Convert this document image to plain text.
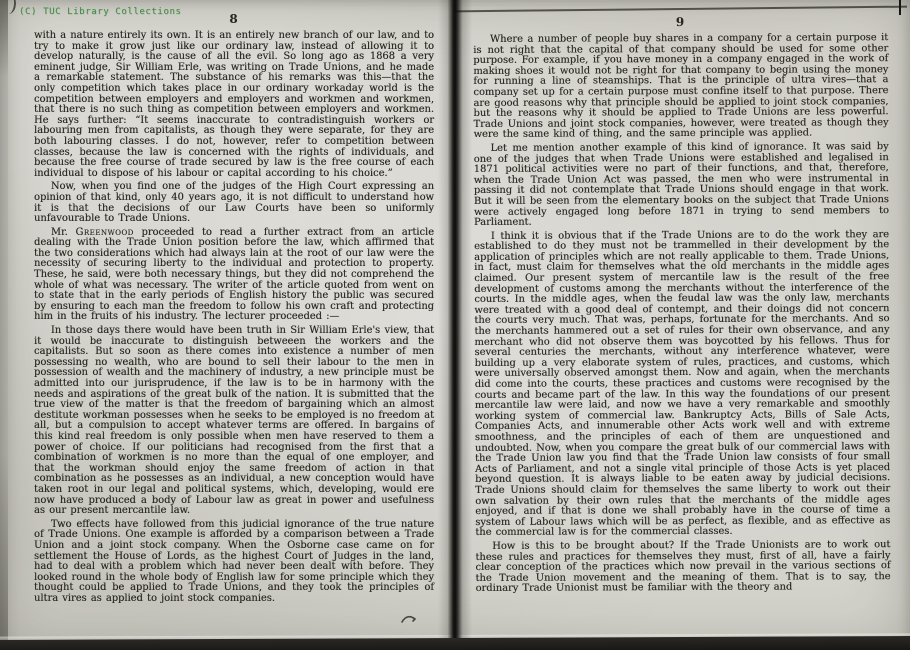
(C) TUC Library Collections	8

with a nature entirely its own. It is an entirely new branch of our law, and to try to make it grow just like our ordinary law, instead of allowing it to develop naturally, is the cause of all the evil. So long ago as 1868 a very eminent judge, Sir William Erle, was writing on Trade Unions, and he made a remarkable statement. The substance of his remarks was this—that the only competition which takes place in our ordinary workaday world is the competition between employers and employers and workmen and workmen, that there is no such thing as competition between employers and workmen. He says further: “It seems inaccurate to contradistinguish workers or labouring men from capitalists, as though they were separate, for they are both labouring classes. I do not, however, refer to competition between classes, because the law is concerned with the rights of individuals, and because the free course of trade secured by law is the free course of each individual to dispose of his labour or capital according to his choice.”

Now, when you find one of the judges of the High Court expressing an opinion of that kind, only 40 years ago, it is not difficult to understand how it is that the decisions of our Law Courts have been so uniformly unfavourable to Trade Unions.

Mr. Greenwood proceeded to read a further extract from an article dealing with the Trade Union position before the law, which affirmed that the two considerations which had always lain at the root of our law were the necessity of securing liberty to the individual and protection to property. These, he said, were both necessary things, but they did not comprehend the whole of what was necessary. The writer of the article quoted from went on to state that in the early periods of English history the public was secured by ensuring to each man the freedom to follow his own craft and protecting him in the fruits of his industry. The lecturer proceeded :—

In those days there would have been truth in Sir William Erle's view, that it would be inaccurate to distinguish betweeen the workers and the capitalists. But so soon as there comes into existence a number of men possessing no wealth, who are bound to sell their labour to the men in possession of wealth and the machinery of industry, a new principle must be admitted into our jurisprudence, if the law is to be in harmony with the needs and aspirations of the great bulk of the nation. It is submitted that the true view of the matter is that the freedom of bargaining which an almost destitute workman possesses when he seeks to be employed is no freedom at all, but a compulsion to accept whatever terms are offered. In bargains of this kind real freedom is only possible when men have reserved to them a power of choice. If our politicians had recognised from the first that a combination of workmen is no more than the equal of one employer, and that the workman should enjoy the same freedom of action in that combination as he possesses as an individual, a new conception would have taken root in our legal and political systems, which, developing, would ere now have produced a body of Labour law as great in power and usefulness as our present mercantile law.

Two effects have followed from this judicial ignorance of the true nature of Trade Unions. One example is afforded by a comparison between a Trade Union and a joint stock company. When the Osborne case came on for settlement the House of Lords, as the highest Court of Judges in the land, had to deal with a problem which had never been dealt with before. They looked round in the whole body of English law for some principle which they thought could be applied to Trade Unions, and they took the principles of ultra vires as applied to joint stock companies.

9

Where a number of people buy shares in a company for a certain purpose it is not right that the capital of that company should be used for some other purpose. For example, if you have money in a company engaged in the work of making shoes it would not be right for that company to begin using the money for running a line of steamships. That is the principle of ultra vires—that a company set up for a certain purpose must confine itself to that purpose. There are good reasons why that principle should be applied to joint stock companies, but the reasons why it should be applied to Trade Unions are less powerful. Trade Unions and joint stock companies, however, were treated as though they were the same kind of thing, and the same principle was applied.

Let me mention another example of this kind of ignorance. It was said by one of the judges that when Trade Unions were established and legalised in 1871 political activities were no part of their functions, and that, therefore, when the Trade Union Act was passed, the men who were instrumental in passing it did not contemplate that Trade Unions should engage in that work. But it will be seen from the elementary books on the subject that Trade Unions were actively engaged long before 1871 in trying to send members to Parliament.

I think it is obvious that if the Trade Unions are to do the work they are established to do they must not be trammelled in their development by the application of principles which are not really applicable to them. Trade Unions, in fact, must claim for themselves what the old merchants in the middle ages claimed. Our present system of mercantile law is the result of the free development of customs among the merchants without the interference of the courts. In the middle ages, when the feudal law was the only law, merchants were treated with a good deal of contempt, and their doings did not concern the courts very much. That was, perhaps, fortunate for the merchants. And so the merchants hammered out a set of rules for their own observance, and any merchant who did not observe them was boycotted by his fellows. Thus for several centuries the merchants, without any interference whatever, were building up a very elaborate system of rules, practices, and customs, which were universally observed amongst them. Now and again, when the merchants did come into the courts, these practices and customs were recognised by the courts and became part of the law. In this way the foundations of our present mercantile law were laid, and now we have a very remarkable and smoothly working system of commercial law. Bankruptcy Acts, Bills of Sale Acts, Companies Acts, and innumerable other Acts work well and with extreme smoothness, and the principles of each of them are unquestioned and undoubted. Now, when you compare the great bulk of our commercial laws with the Trade Union law you find that the Trade Union law consists of four small Acts of Parliament, and not a single vital principle of those Acts is yet placed beyond question. It is always liable to be eaten away by judicial decisions. Trade Unions should claim for themselves the same liberty to work out their own salvation by their own rules that the merchants of the middle ages enjoyed, and if that is done we shall probably have in the course of time a system of Labour laws which will be as perfect, as flexible, and as effective as the commercial law is for the commercial classes.

How is this to be brought about? If the Trade Unionists are to work out these rules and practices for themselves they must, first of all, have a fairly clear conception of the practices which now prevail in the various sections of the Trade Union movement and the meaning of them. That is to say, the ordinary Trade Unionist must be familiar with the theory and
